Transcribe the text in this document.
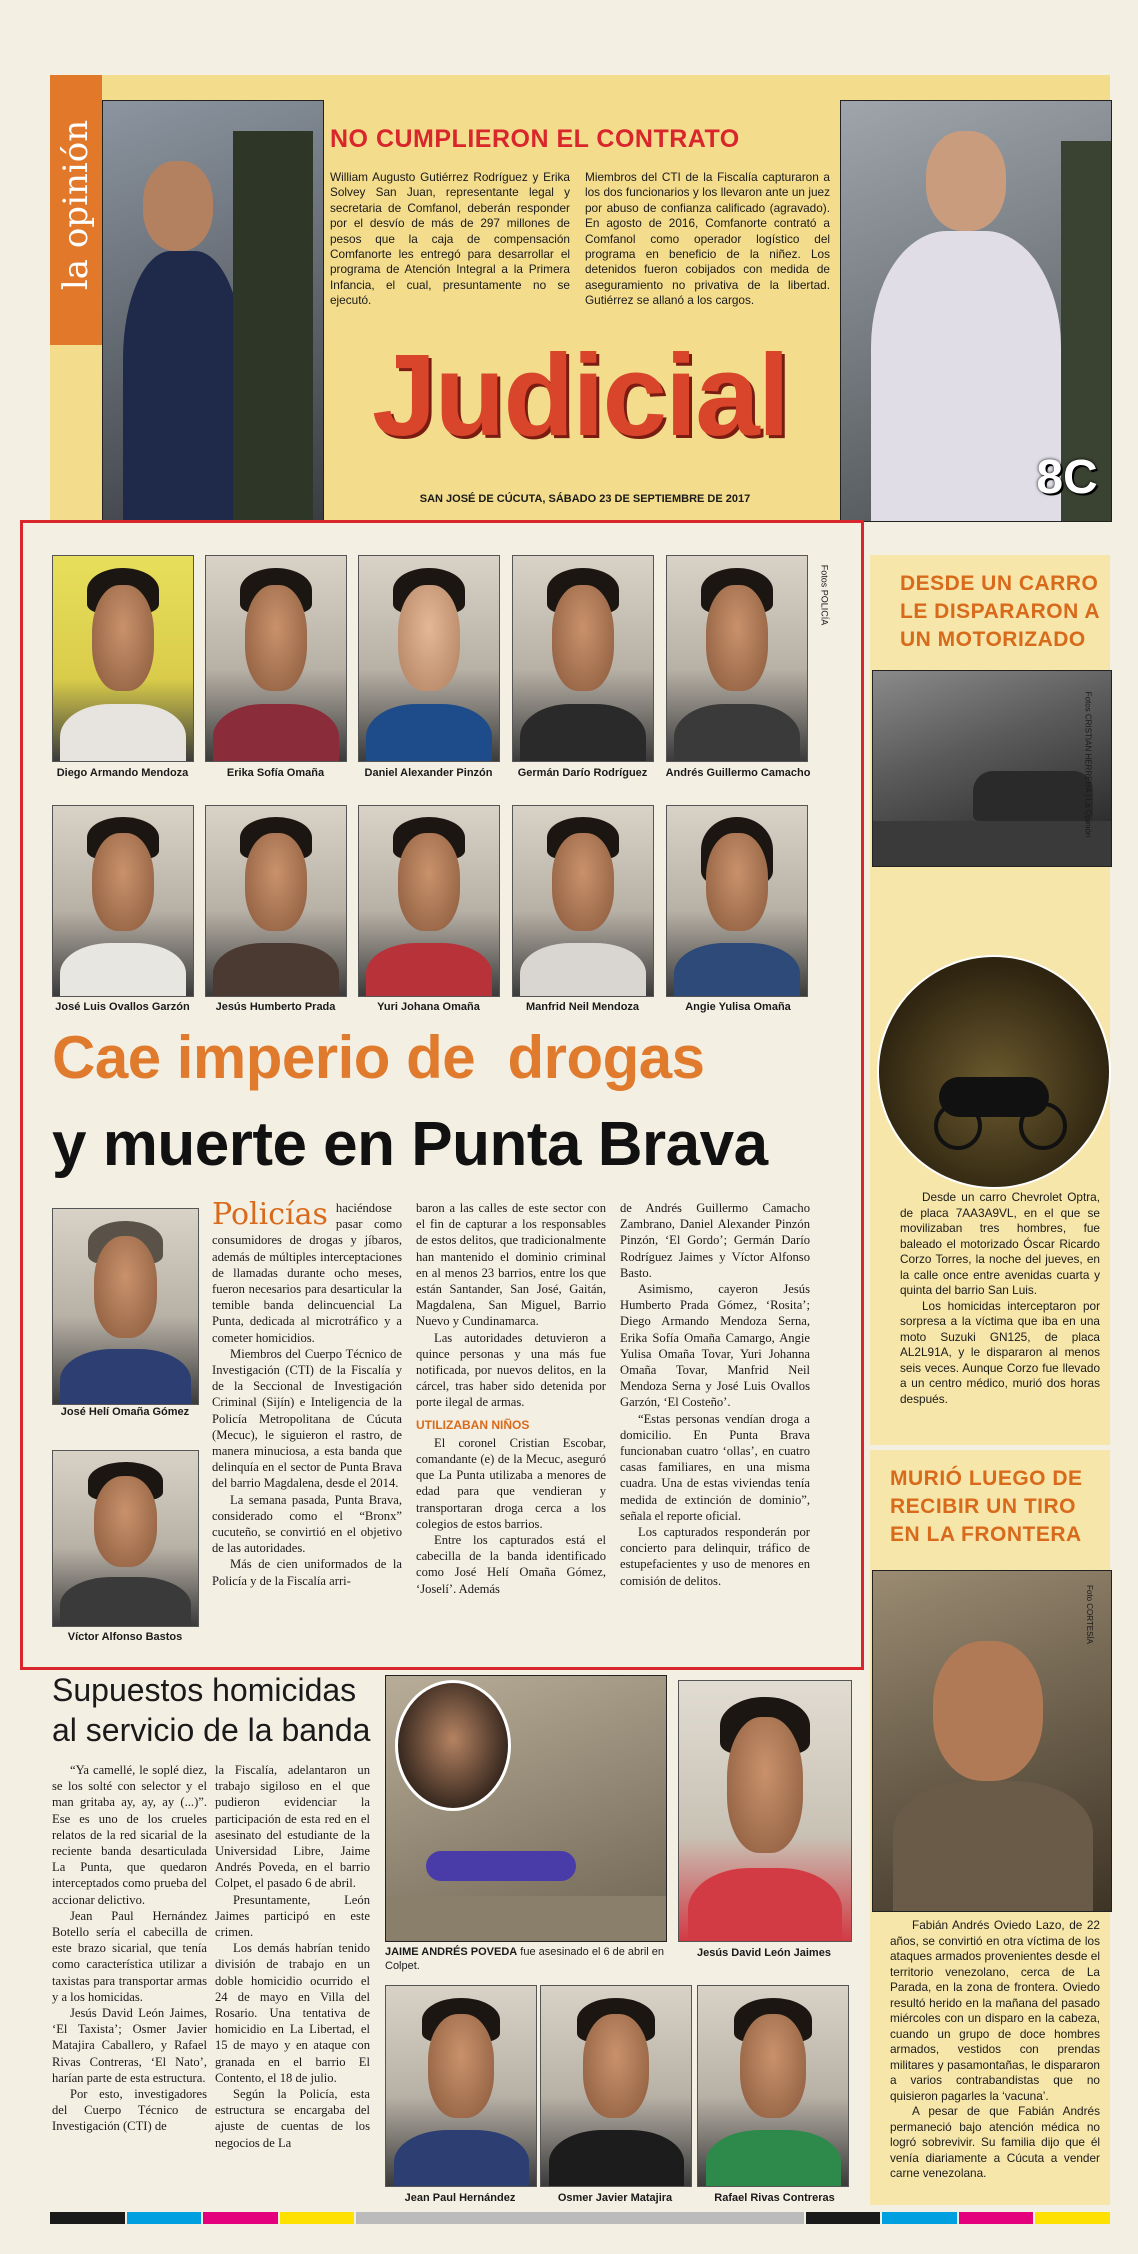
la opinión	NO CUMPLIERON EL CONTRATO
William Augusto Gutiérrez Rodríguez y Erika Solvey San Juan, representante legal y secretaria de Comfanol, deberán responder por el desvío de más de 297 millones de pesos que la caja de compensación Comfanorte les entregó para desarrollar el programa de Atención Integral a la Primera Infancia, el cual, presuntamente no se ejecutó.
Miembros del CTI de la Fiscalía capturaron a los dos funcionarios y los llevaron ante un juez por abuso de confianza calificado (agravado). En agosto de 2016, Comfanorte contrató a Comfanol como operador logístico del programa en beneficio de la niñez. Los detenidos fueron cobijados con medida de aseguramiento no privativa de la libertad. Gutiérrez se allanó a los cargos.
Judicial
SAN JOSÉ DE CÚCUTA, SÁBADO 23 DE SEPTIEMBRE DE 2017	8C
Fotos POLICÍA
Diego Armando Mendoza	Erika Sofía Omaña	Daniel Alexander Pinzón	Germán Darío Rodríguez	Andrés Guillermo Camacho
José Luis Ovallos Garzón	Jesús Humberto Prada	Yuri Johana Omaña	Manfrid Neil Mendoza	Angie Yulisa Omaña
Cae imperio de  drogas
y muerte en Punta Brava
José Helí Omaña Gómez
Víctor Alfonso Bastos
Policías haciéndose pasar como consumidores de drogas y jíbaros, además de múltiples interceptaciones de llamadas durante ocho meses, fueron necesarios para desarticular la temible banda delincuencial La Punta, dedicada al microtráfico y a cometer homicidios.

Miembros del Cuerpo Técnico de Investigación (CTI) de la Fiscalía y de la Seccional de Investigación Criminal (Sijín) e Inteligencia de la Policía Metropolitana de Cúcuta (Mecuc), le siguieron el rastro, de manera minuciosa, a esta banda que delinquía en el sector de Punta Brava del barrio Magdalena, desde el 2014.

La semana pasada, Punta Brava, considerado como el “Bronx” cucuteño, se convirtió en el objetivo de las autoridades.

Más de cien uniformados de la Policía y de la Fiscalía arri-

baron a las calles de este sector con el fin de capturar a los responsables de estos delitos, que tradicionalmente han mantenido el dominio criminal en al menos 23 barrios, entre los que están Santander, San José, Gaitán, Magdalena, San Miguel, Barrio Nuevo y Cundinamarca.

Las autoridades detuvieron a quince personas y una más fue notificada, por nuevos delitos, en la cárcel, tras haber sido detenida por porte ilegal de armas.

UTILIZABAN NIÑOS

El coronel Cristian Escobar, comandante (e) de la Mecuc, aseguró que La Punta utilizaba a menores de edad para que vendieran y transportaran droga cerca a los colegios de estos barrios.

Entre los capturados está el cabecilla de la banda identificado como José Helí Omaña Gómez, ‘Joselí’. Además

de Andrés Guillermo Camacho Zambrano, Daniel Alexander Pinzón Pinzón, ‘El Gordo’; Germán Darío Rodríguez Jaimes y Víctor Alfonso Basto.

Asimismo, cayeron Jesús Humberto Prada Gómez, ‘Rosita’; Diego Armando Mendoza Serna, Erika Sofía Omaña Camargo, Angie Yulisa Omaña Tovar, Yuri Johanna Omaña Tovar, Manfrid Neil Mendoza Serna y José Luis Ovallos Garzón, ‘El Costeño’.

“Estas personas vendían droga a domicilio. En Punta Brava funcionaban cuatro ‘ollas’, en cuatro casas familiares, en una misma cuadra. Una de estas viviendas tenía medida de extinción de dominio”, señala el reporte oficial.

Los capturados responderán por concierto para delinquir, tráfico de estupefacientes y uso de menores en comisión de delitos.

DESDE UN CARRO LE DISPARARON A UN MOTORIZADO
Fotos CRISTIAN HERRERA | La Opinión

Desde un carro Chevrolet Optra, de placa 7AA3A9VL, en el que se movilizaban tres hombres, fue baleado el motorizado Óscar Ricardo Corzo Torres, la noche del jueves, en la calle once entre avenidas cuarta y quinta del barrio San Luis.

Los homicidas interceptaron por sorpresa a la víctima que iba en una moto Suzuki GN125, de placa AL2L91A, y le dispararon al menos seis veces. Aunque Corzo fue llevado a un centro médico, murió dos horas después.

MURIÓ LUEGO DE RECIBIR UN TIRO EN LA FRONTERA
Foto CORTESÍA

Fabián Andrés Oviedo Lazo, de 22 años, se convirtió en otra víctima de los ataques armados provenientes desde el territorio venezolano, cerca de La Parada, en la zona de frontera. Oviedo resultó herido en la mañana del pasado miércoles con un disparo en la cabeza, cuando un grupo de doce hombres armados, vestidos con prendas militares y pasamontañas, le dispararon a varios contrabandistas que no quisieron pagarles la ‘vacuna’.

A pesar de que Fabián Andrés permaneció bajo atención médica no logró sobrevivir. Su familia dijo que él venía diariamente a Cúcuta a vender carne venezolana.

Supuestos homicidas
al servicio de la banda

“Ya camellé, le soplé diez, se los solté con selector y el man gritaba ay, ay, ay (...)”. Ese es uno de los crueles relatos de la red sicarial de la reciente banda desarticulada La Punta, que quedaron interceptados como prueba del accionar delictivo.

Jean Paul Hernández Botello sería el cabecilla de este brazo sicarial, que tenía como característica utilizar a taxistas para transportar armas y a los homicidas.

Jesús David León Jaimes, ‘El Taxista’; Osmer Javier Matajira Caballero, y Rafael Rivas Contreras, ‘El Nato’, harían parte de esta estructura.

Por esto, investigadores del Cuerpo Técnico de Investigación (CTI) de

la Fiscalía, adelantaron un trabajo sigiloso en el que pudieron evidenciar la participación de esta red en el asesinato del estudiante de la Universidad Libre, Jaime Andrés Poveda, en el barrio Colpet, el pasado 6 de abril.

Presuntamente, León Jaimes participó en este crimen.

Los demás habrían tenido división de trabajo en un doble homicidio ocurrido el 24 de mayo en Villa del Rosario. Una tentativa de homicidio en La Libertad, el 15 de mayo y en ataque con granada en el barrio El Contento, el 18 de julio.

Según la Policía, esta estructura se encargaba del ajuste de cuentas de los negocios de La

JAIME ANDRÉS POVEDA fue asesinado el 6 de abril en Colpet.
Jesús David León Jaimes
Jean Paul Hernández	Osmer Javier Matajira	Rafael Rivas Contreras
